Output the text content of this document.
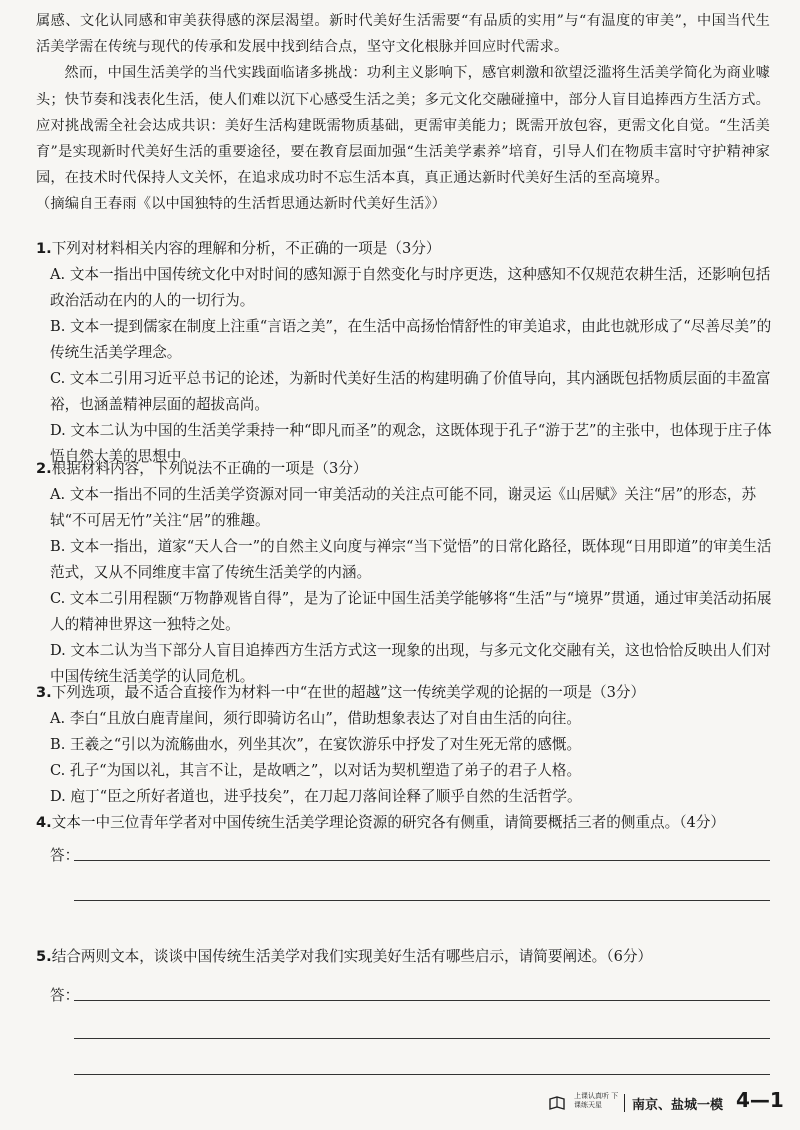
属感、文化认同感和审美获得感的深层渴望。新时代美好生活需要“有品质的实用”与“有温度的审美”，中国当代生活美学需在传统与现代的传承和发展中找到结合点，坚守文化根脉并回应时代需求。

然而，中国生活美学的当代实践面临诸多挑战：功利主义影响下，感官刺激和欲望泛滥将生活美学简化为商业噱头；快节奏和浅表化生活，使人们难以沉下心感受生活之美；多元文化交融碰撞中，部分人盲目追捧西方生活方式。应对挑战需全社会达成共识：美好生活构建既需物质基础，更需审美能力；既需开放包容，更需文化自觉。“生活美育”是实现新时代美好生活的重要途径，要在教育层面加强“生活美学素养”培育，引导人们在物质丰富时守护精神家园，在技术时代保持人文关怀，在追求成功时不忘生活本真，真正通达新时代美好生活的至高境界。

（摘编自王春雨《以中国独特的生活哲思通达新时代美好生活》）

1.下列对材料相关内容的理解和分析，不正确的一项是（3分）

A. 文本一指出中国传统文化中对时间的感知源于自然变化与时序更迭，这种感知不仅规范农耕生活，还影响包括政治活动在内的人的一切行为。

B. 文本一提到儒家在制度上注重“言语之美”，在生活中高扬怡情舒性的审美追求，由此也就形成了“尽善尽美”的传统生活美学理念。

C. 文本二引用习近平总书记的论述，为新时代美好生活的构建明确了价值导向，其内涵既包括物质层面的丰盈富裕，也涵盖精神层面的超拔高尚。

D. 文本二认为中国的生活美学秉持一种“即凡而圣”的观念，这既体现于孔子“游于艺”的主张中，也体现于庄子体悟自然大美的思想中。

2.根据材料内容，下列说法不正确的一项是（3分）

A. 文本一指出不同的生活美学资源对同一审美活动的关注点可能不同，谢灵运《山居赋》关注“居”的形态，苏轼“不可居无竹”关注“居”的雅趣。

B. 文本一指出，道家“天人合一”的自然主义向度与禅宗“当下觉悟”的日常化路径，既体现“日用即道”的审美生活范式，又从不同维度丰富了传统生活美学的内涵。

C. 文本二引用程颢“万物静观皆自得”，是为了论证中国生活美学能够将“生活”与“境界”贯通，通过审美活动拓展人的精神世界这一独特之处。

D. 文本二认为当下部分人盲目追捧西方生活方式这一现象的出现，与多元文化交融有关，这也恰恰反映出人们对中国传统生活美学的认同危机。

3.下列选项，最不适合直接作为材料一中“在世的超越”这一传统美学观的论据的一项是（3分）

A. 李白“且放白鹿青崖间，须行即骑访名山”，借助想象表达了对自由生活的向往。

B. 王羲之“引以为流觞曲水，列坐其次”，在宴饮游乐中抒发了对生死无常的感慨。

C. 孔子“为国以礼，其言不让，是故哂之”，以对话为契机塑造了弟子的君子人格。

D. 庖丁“臣之所好者道也，进乎技矣”，在刀起刀落间诠释了顺乎自然的生活哲学。

4.文本一中三位青年学者对中国传统生活美学理论资源的研究各有侧重，请简要概括三者的侧重点。（4分）

答：

5.结合两则文本，谈谈中国传统生活美学对我们实现美好生活有哪些启示，请简要阐述。（6分）

答：
上课认真听 下课练天星	南京、盐城一模 4—1
